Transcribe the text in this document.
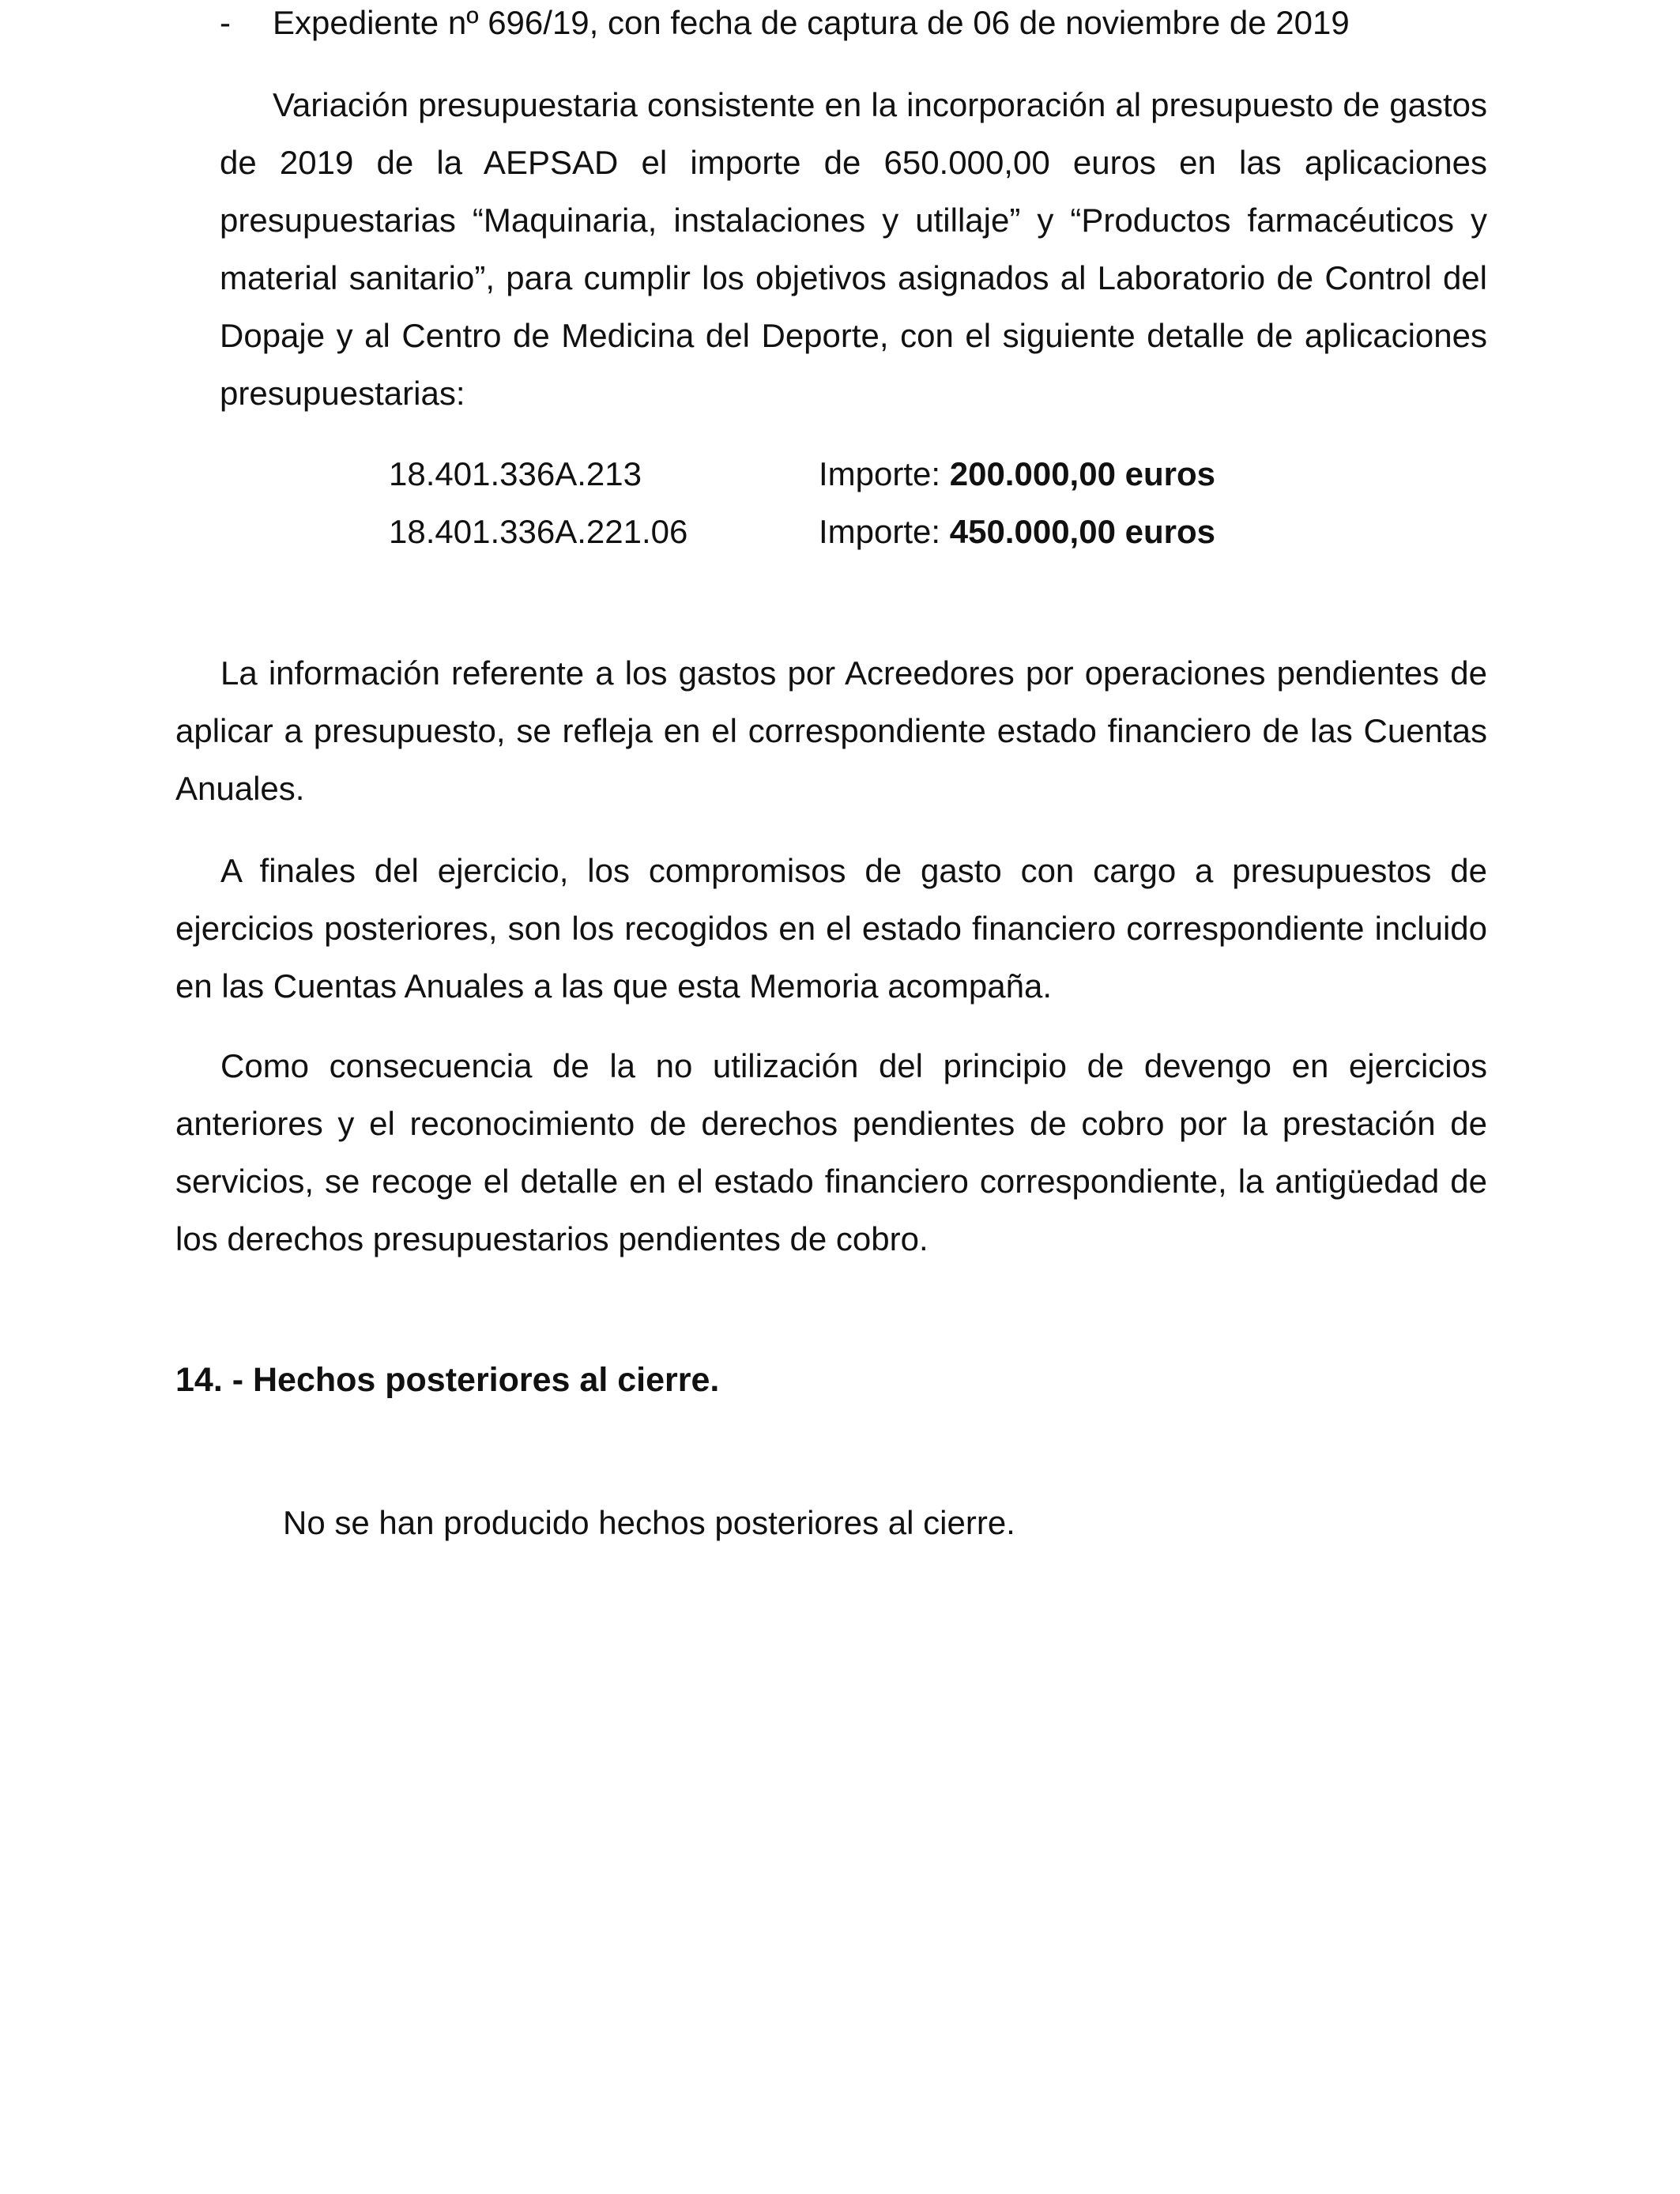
- Expediente nº 696/19, con fecha de captura de 06 de noviembre de 2019

Variación presupuestaria consistente en la incorporación al presupuesto de gastos de 2019 de la AEPSAD el importe de 650.000,00 euros en las aplicaciones presupuestarias “Maquinaria, instalaciones y utillaje” y “Productos farmacéuticos y material sanitario”, para cumplir los objetivos asignados al Laboratorio de Control del Dopaje y al Centro de Medicina del Deporte, con el siguiente detalle de aplicaciones presupuestarias:

18.401.336A.213	Importe: 200.000,00 euros
18.401.336A.221.06	Importe: 450.000,00 euros

La información referente a los gastos por Acreedores por operaciones pendientes de aplicar a presupuesto, se refleja en el correspondiente estado financiero de las Cuentas Anuales.

A finales del ejercicio, los compromisos de gasto con cargo a presupuestos de ejercicios posteriores, son los recogidos en el estado financiero correspondiente incluido en las Cuentas Anuales a las que esta Memoria acompaña.

Como consecuencia de la no utilización del principio de devengo en ejercicios anteriores y el reconocimiento de derechos pendientes de cobro por la prestación de servicios, se recoge el detalle en el estado financiero correspondiente, la antigüedad de los derechos presupuestarios pendientes de cobro.

14. - Hechos posteriores al cierre.

No se han producido hechos posteriores al cierre.
